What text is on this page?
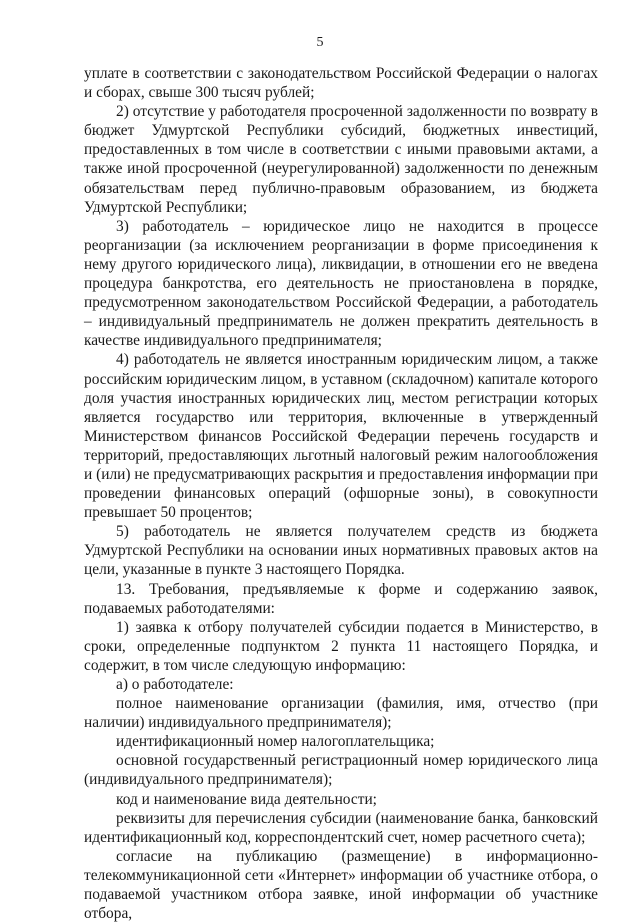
5

уплате в соответствии с законодательством Российской Федерации о налогах и сборах, свыше 300 тысяч рублей;

2) отсутствие у работодателя просроченной задолженности по возврату в бюджет Удмуртской Республики субсидий, бюджетных инвестиций, предоставленных в том числе в соответствии с иными правовыми актами, а также иной просроченной (неурегулированной) задолженности по денежным обязательствам перед публично-правовым образованием, из бюджета Удмуртской Республики;

3) работодатель – юридическое лицо не находится в процессе реорганизации (за исключением реорганизации в форме присоединения к нему другого юридического лица), ликвидации, в отношении его не введена процедура банкротства, его деятельность не приостановлена в порядке, предусмотренном законодательством Российской Федерации, а работодатель – индивидуальный предприниматель не должен прекратить деятельность в качестве индивидуального предпринимателя;

4) работодатель не является иностранным юридическим лицом, а также российским юридическим лицом, в уставном (складочном) капитале которого доля участия иностранных юридических лиц, местом регистрации которых является государство или территория, включенные в утвержденный Министерством финансов Российской Федерации перечень государств и территорий, предоставляющих льготный налоговый режим налогообложения и (или) не предусматривающих раскрытия и предоставления информации при проведении финансовых операций (офшорные зоны), в совокупности превышает 50 процентов;

5) работодатель не является получателем средств из бюджета Удмуртской Республики на основании иных нормативных правовых актов на цели, указанные в пункте 3 настоящего Порядка.

13. Требования, предъявляемые к форме и содержанию заявок, подаваемых работодателями:

1) заявка к отбору получателей субсидии подается в Министерство, в сроки, определенные подпунктом 2 пункта 11 настоящего Порядка, и содержит, в том числе следующую информацию:

а) о работодателе:

полное наименование организации (фамилия, имя, отчество (при наличии) индивидуального предпринимателя);

идентификационный номер налогоплательщика;

основной государственный регистрационный номер юридического лица (индивидуального предпринимателя);

код и наименование вида деятельности;

реквизиты для перечисления субсидии (наименование банка, банковский идентификационный код, корреспондентский счет, номер расчетного счета);

согласие на публикацию (размещение) в информационно-телекоммуникационной сети «Интернет» информации об участнике отбора, о подаваемой участником отбора заявке, иной информации об участнике отбора,
